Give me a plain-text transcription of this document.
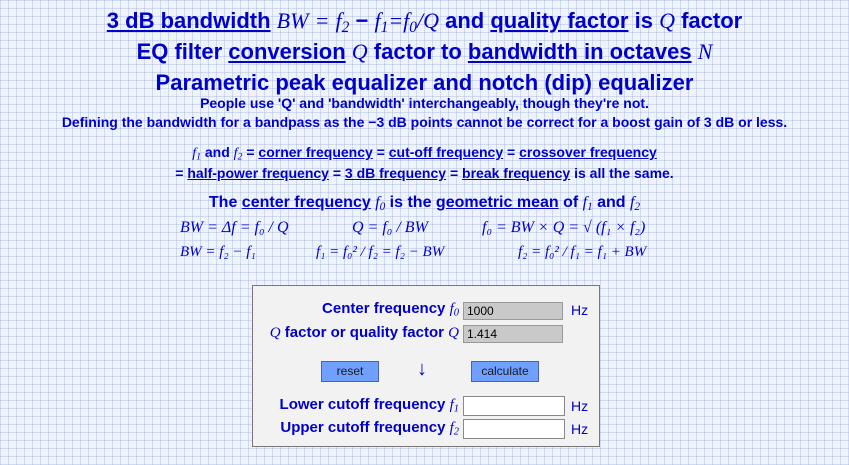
3 dB bandwidth BW = $f_2 - f_1=f_0/Q$ and quality factor is Q factor
EQ filter conversion Q factor to bandwidth in octaves N
Parametric peak equalizer and notch (dip) equalizer
People use 'Q' and 'bandwidth' interchangeably, though they're not.
Defining the bandwidth for a bandpass as the −3 dB points cannot be correct for a boost gain of 3 dB or less.
$f_1$ and $f_2$ = corner frequency = cut-off frequency = crossover frequency
= half-power frequency = 3 dB frequency = break frequency is all the same.
The center frequency $f_0$ is the geometric mean of $f_1$ and $f_2$
BW = Δf = f₀ / Q	Q = f₀ / BW	f₀ = BW × Q = √ (f₁ × f₂)
BW = f₂ − f₁	f₁ = f₀² / f₂ = f₂ − BW	f₂ = f₀² / f₁ = f₁ + BW
Center frequency $f_0$ 1000	Hz
Q factor or quality factor Q 1.414
reset	↓	calculate
Lower cutoff frequency $f_1$	Hz
Upper cutoff frequency $f_2$	Hz
